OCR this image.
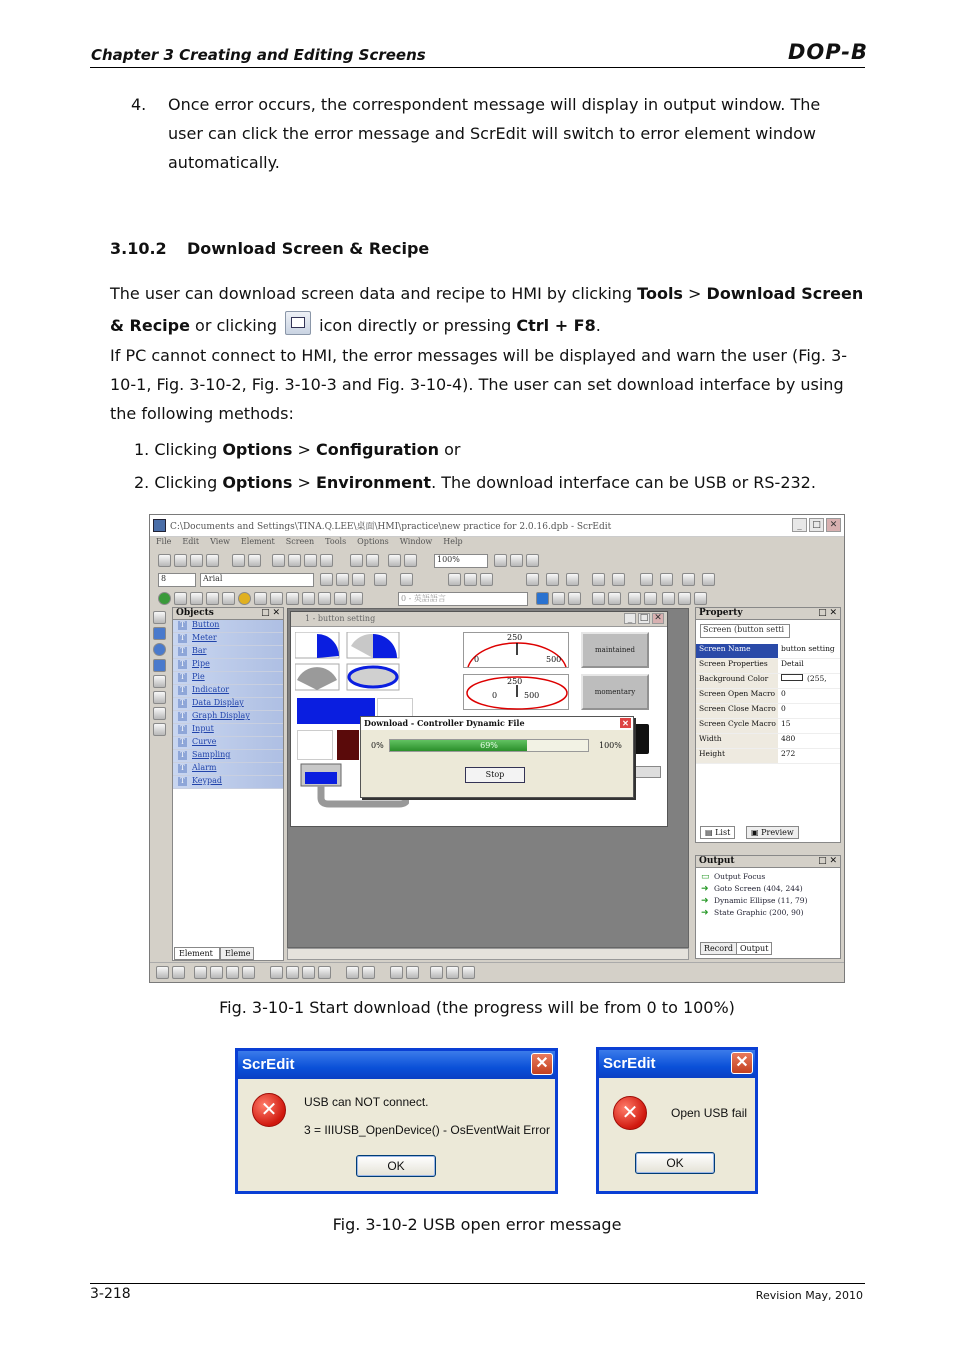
Chapter 3 Creating and Editing Screens	DOP-B
4. Once error occurs, the correspondent message will display in output window. The user can click the error message and ScrEdit will switch to error element window automatically.
3.10.2 Download Screen & Recipe
The user can download screen data and recipe to HMI by clicking Tools > Download Screen
& Recipe or clicking  icon directly or pressing Ctrl + F8.
If PC cannot connect to HMI, the error messages will be displayed and warn the user (Fig. 3-10-1, Fig. 3-10-2, Fig. 3-10-3 and Fig. 3-10-4). The user can set download interface by using the following methods:
1. Clicking Options > Configuration or
2. Clicking Options > Environment. The download interface can be USB or RS-232.
C:\Documents and Settings\TINA.Q.LEE\桌面\HMI\practice\new practice for 2.0.16.dpb - ScrEdit	_	□ ✕
File Edit View Element Screen Tools Options Window Help
100%
8	Arial
0 - 英語語言
Objects	□ ✕
T Button
T Meter
T Bar
T Pipe
T Pie
T Indicator
T Data Display
T Graph Display
T Input
T Curve
T Sampling
T Alarm
T Keypad
Element	Eleme
1 - button setting	_ □ ✕
250
0	500
250
0	500
maintained
momentary
Download - Controller Dynamic File	✕
0%	69%	100%
Stop
Property	□ ✕
Screen (button setti
Screen Name	button setting
Screen Properties	Detail
Background Color	(255,
Screen Open Macro 0
Screen Close Macro 0
Screen Cycle Macro 15
Width	480
Height	272
▤ List	▣ Preview
Output	□ ✕
▭ Output Focus
➜ Goto Screen (404, 244)
➜ Dynamic Ellipse (11, 79)
➜ State Graphic (200, 90)
Record Output
Fig. 3-10-1 Start download (the progress will be from 0 to 100%)
ScrEdit	✕
✕	USB can NOT connect.
3 = IIIUSB_OpenDevice() - OsEventWait Error
OK
ScrEdit	✕
✕	Open USB fail
OK
Fig. 3-10-2 USB open error message
3-218	Revision May, 2010
